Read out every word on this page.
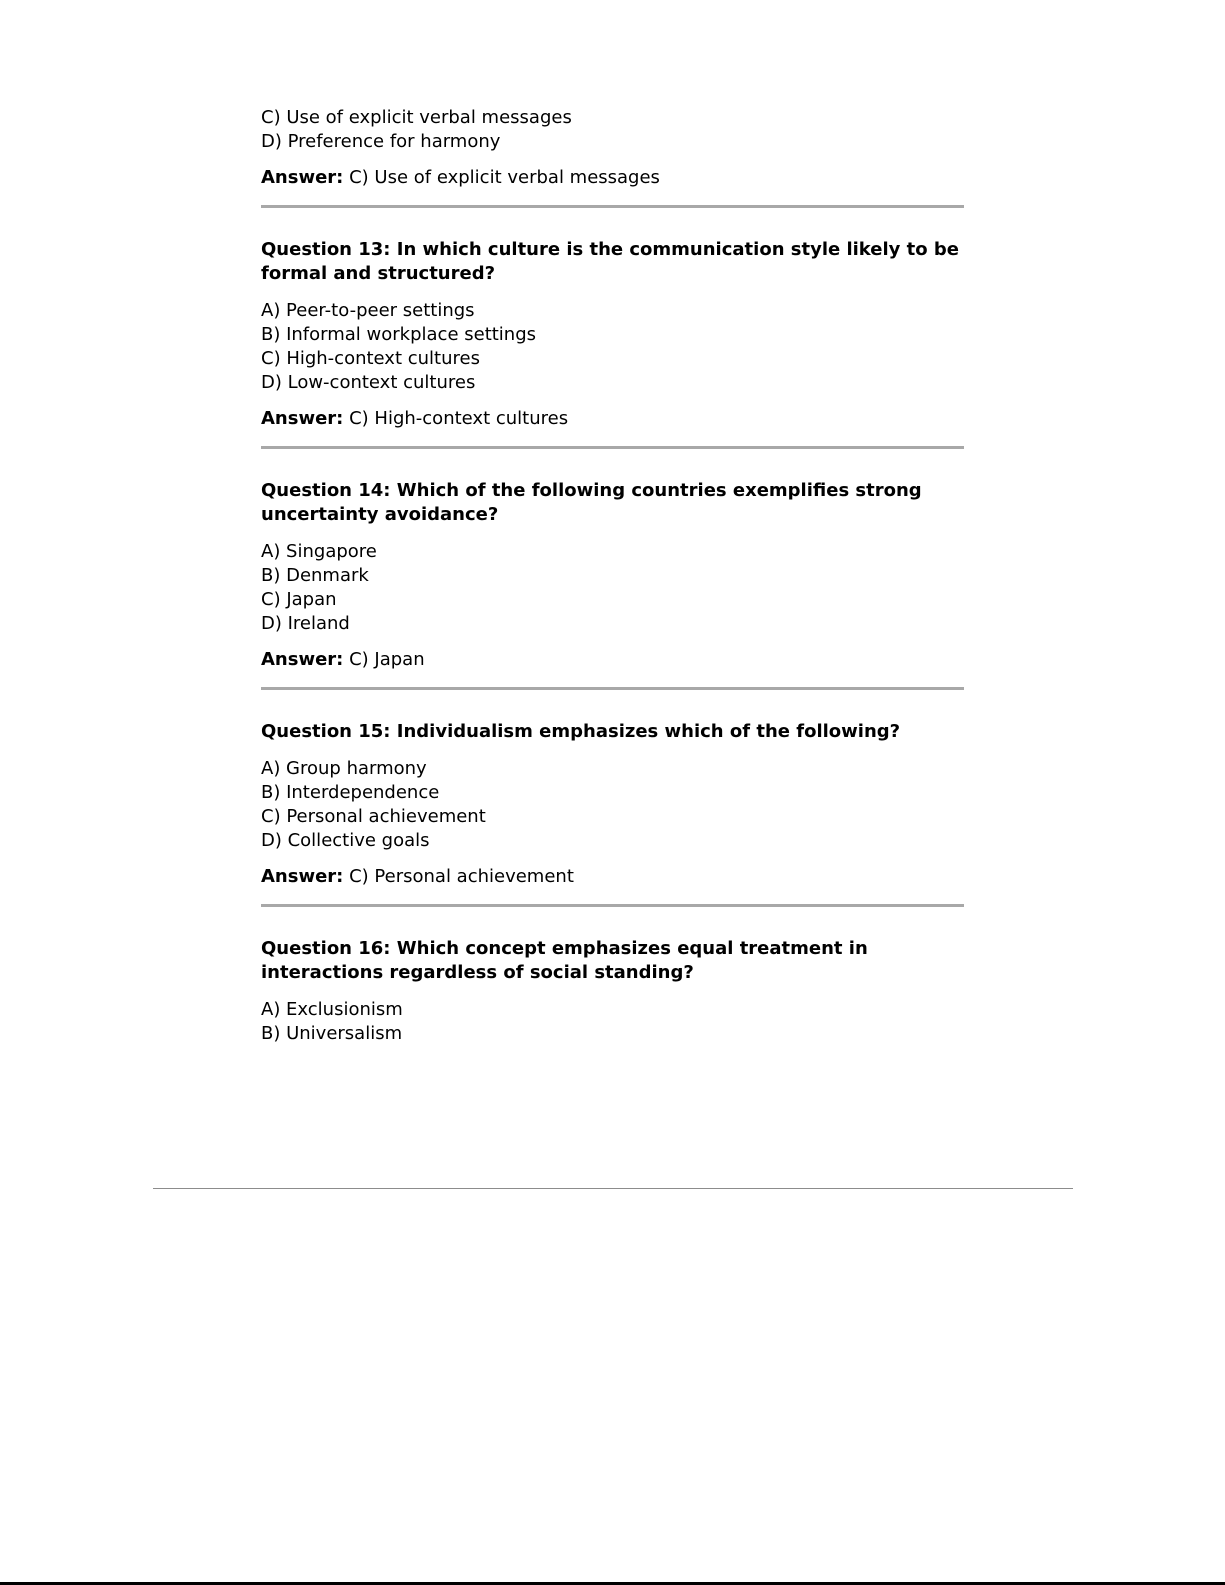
C) Use of explicit verbal messages
D) Preference for harmony
Answer: C) Use of explicit verbal messages
Question 13: In which culture is the communication style likely to be formal and structured?
A) Peer-to-peer settings
B) Informal workplace settings
C) High-context cultures
D) Low-context cultures
Answer: C) High-context cultures
Question 14: Which of the following countries exemplifies strong uncertainty avoidance?
A) Singapore
B) Denmark
C) Japan
D) Ireland
Answer: C) Japan
Question 15: Individualism emphasizes which of the following?
A) Group harmony
B) Interdependence
C) Personal achievement
D) Collective goals
Answer: C) Personal achievement
Question 16: Which concept emphasizes equal treatment in interactions regardless of social standing?
A) Exclusionism
B) Universalism
